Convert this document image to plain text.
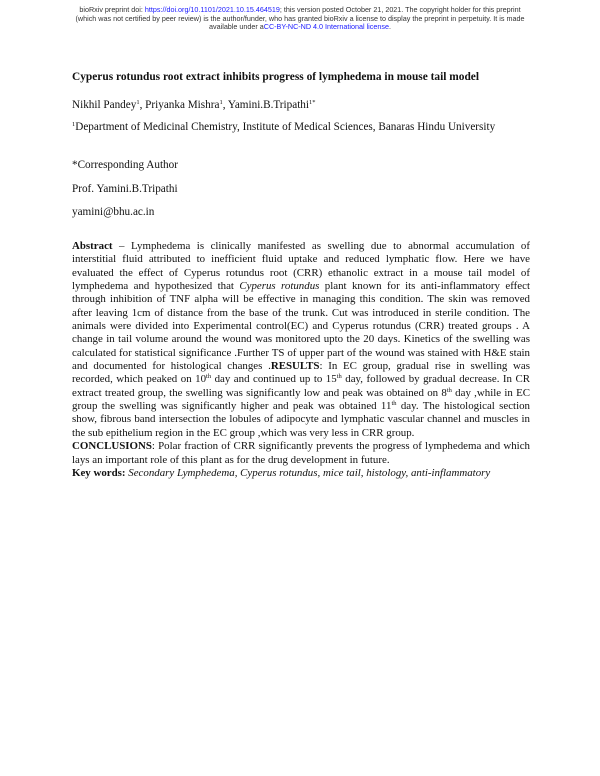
bioRxiv preprint doi: https://doi.org/10.1101/2021.10.15.464519; this version posted October 21, 2021. The copyright holder for this preprint
(which was not certified by peer review) is the author/funder, who has granted bioRxiv a license to display the preprint in perpetuity. It is made
available under aCC-BY-NC-ND 4.0 International license.
Cyperus rotundus root extract inhibits progress of lymphedema in mouse tail model
Nikhil Pandey$^1$, Priyanka Mishra$^1$, Yamini.B.Tripathi$^{1*}$
$^1$Department of Medicinal Chemistry, Institute of Medical Sciences, Banaras Hindu University
*Corresponding Author
Prof. Yamini.B.Tripathi
yamini@bhu.ac.in

Abstract – Lymphedema is clinically manifested as swelling due to abnormal accumulation of interstitial fluid attributed to inefficient fluid uptake and reduced lymphatic flow. Here we have evaluated the effect of Cyperus rotundus root (CRR) ethanolic extract in a mouse tail model of lymphedema and hypothesized that Cyperus rotundus plant known for its anti-inflammatory effect through inhibition of TNF alpha will be effective in managing this condition. The skin was removed after leaving 1cm of distance from the base of the trunk. Cut was introduced in sterile condition. The animals were divided into Experimental control(EC) and Cyperus rotundus (CRR) treated groups . A change in tail volume around the wound was monitored upto the 20 days. Kinetics of the swelling was calculated for statistical significance .Further TS of upper part of the wound was stained with H&E stain and documented for histological changes .RESULTS: In EC group, gradual rise in swelling was recorded, which peaked on 10th day and continued up to 15th day, followed by gradual decrease. In CR extract treated group, the swelling was significantly low and peak was obtained on 8th day ,while in EC group the swelling was significantly higher and peak was obtained 11th day. The histological section show, fibrous band intersection the lobules of adipocyte and lymphatic vascular channel and muscles in the sub epithelium region in the EC group ,which was very less in CRR group.

CONCLUSIONS: Polar fraction of CRR significantly prevents the progress of lymphedema and which lays an important role of this plant as for the drug development in future.

Key words: Secondary Lymphedema, Cyperus rotundus, mice tail, histology, anti-inflammatory
